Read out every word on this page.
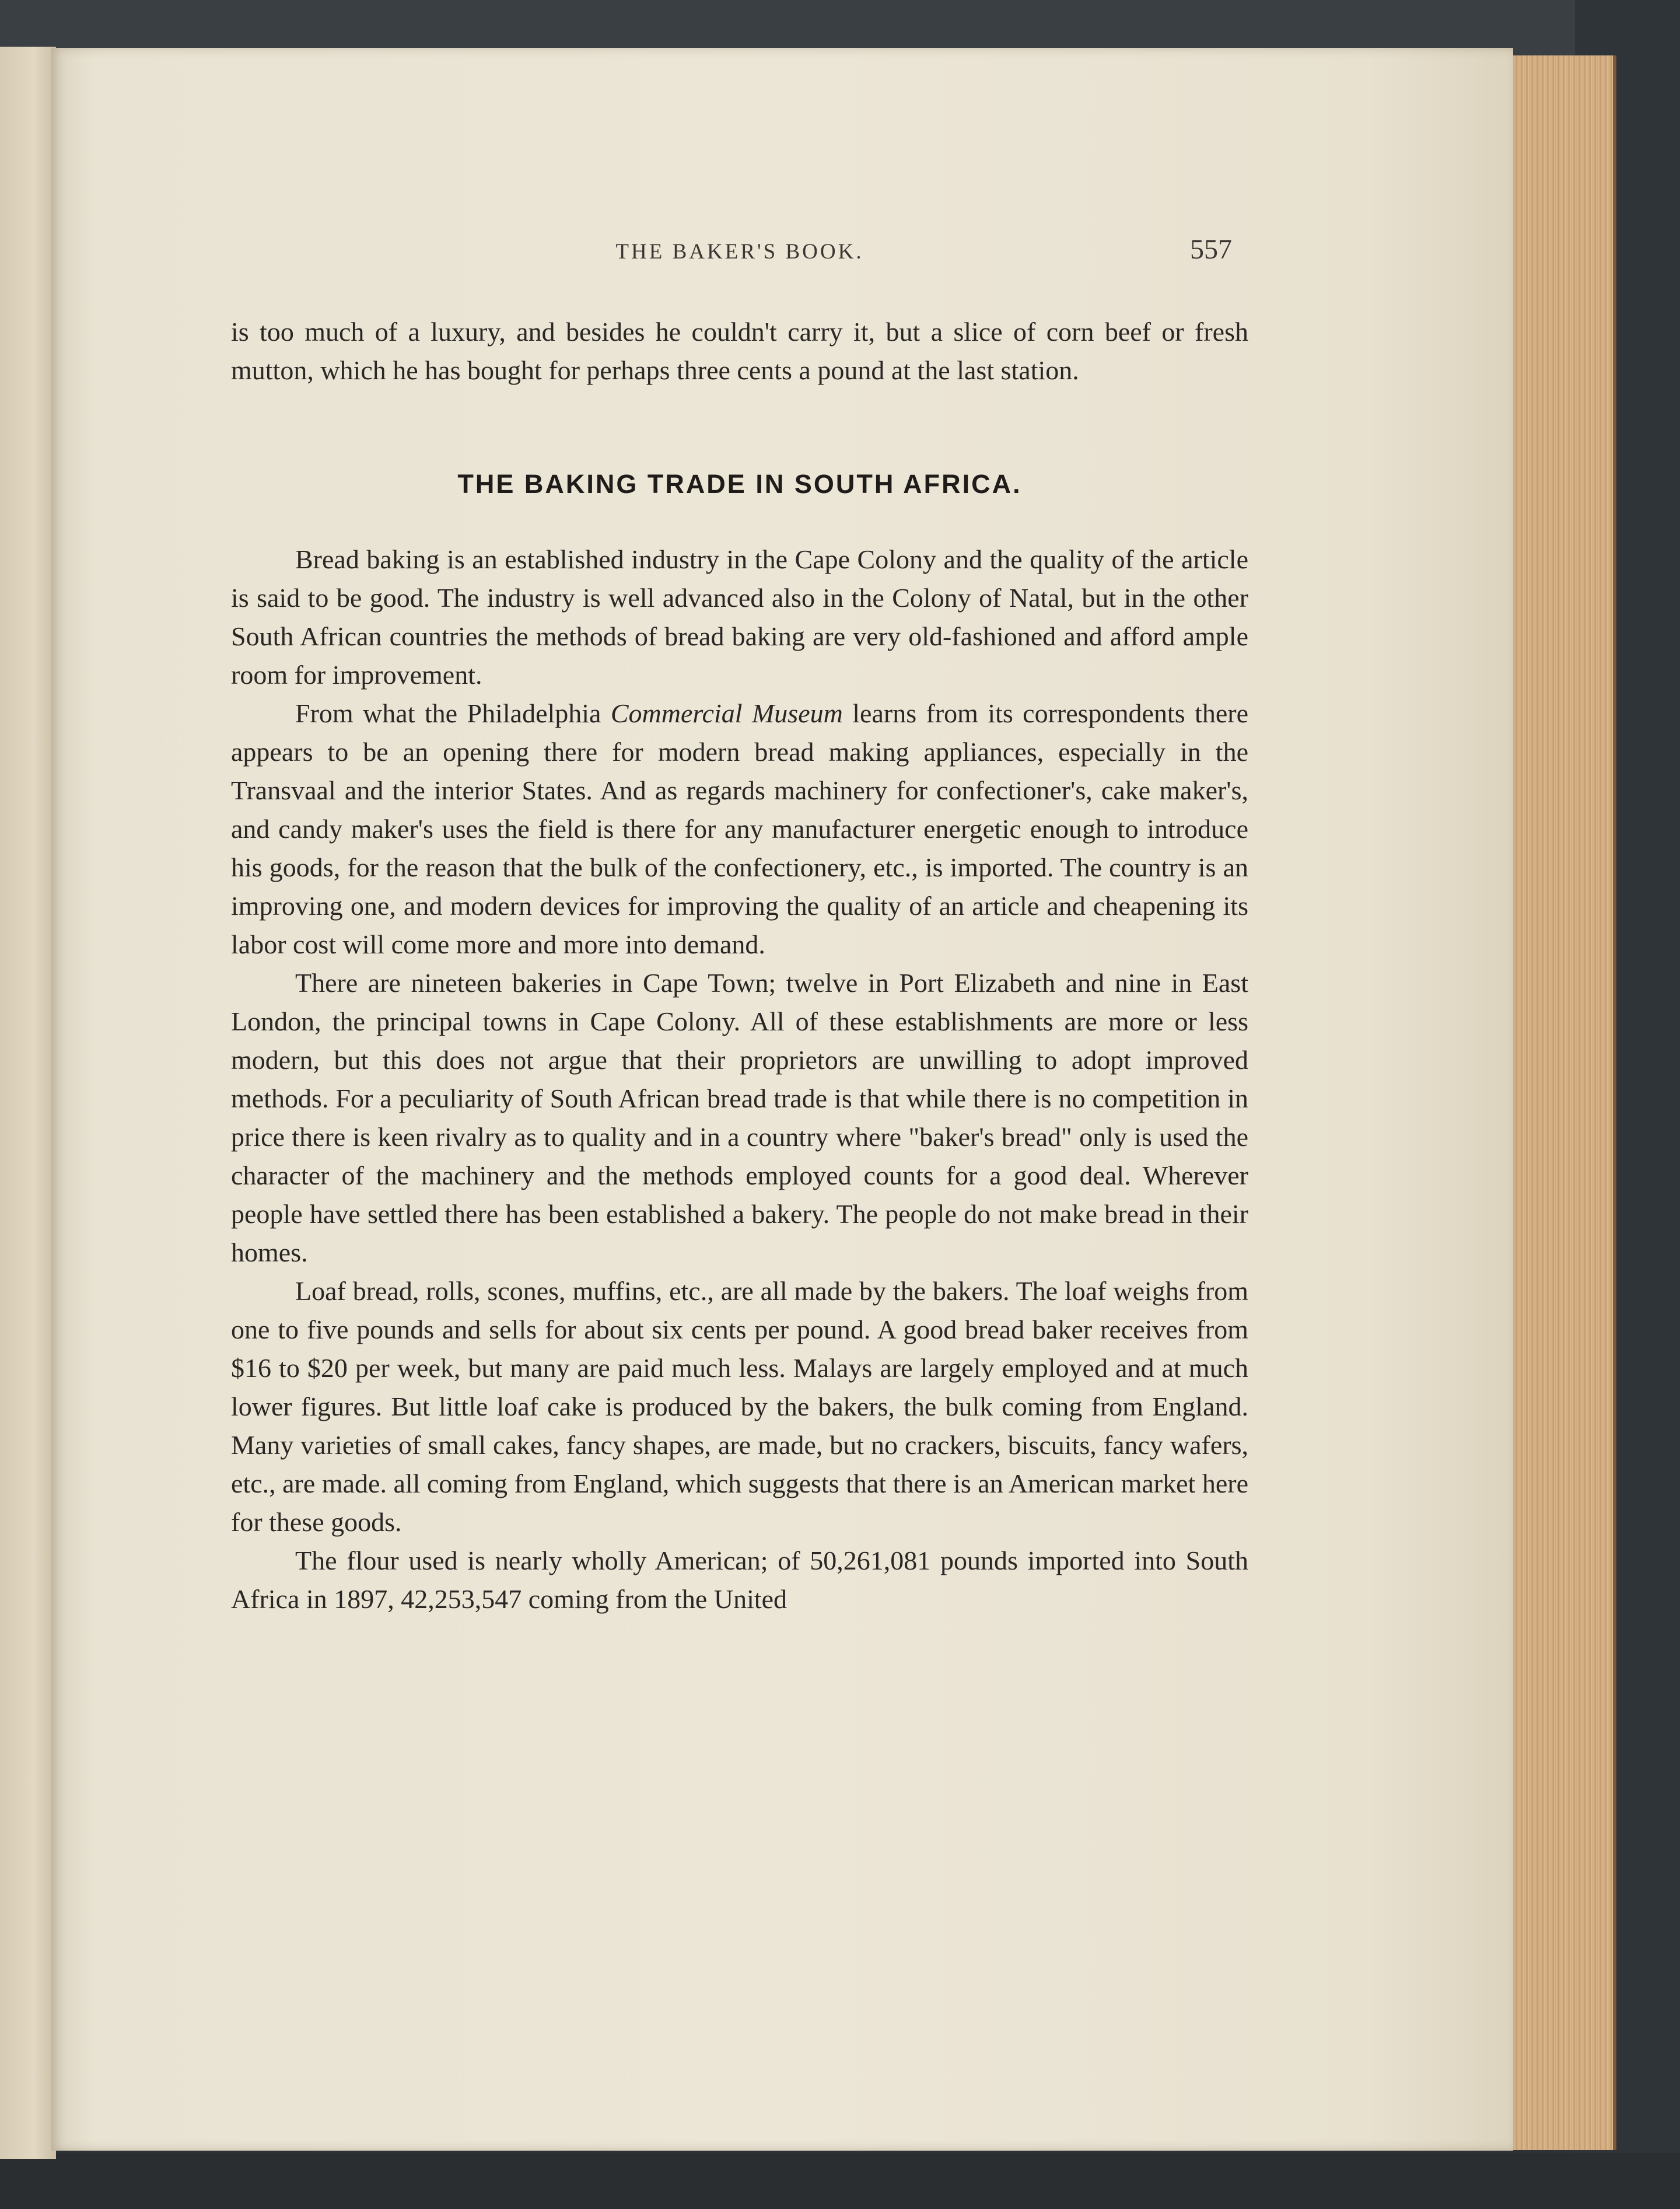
THE BAKER'S BOOK.	557

is too much of a luxury, and besides he couldn't carry it, but a slice of corn beef or fresh mutton, which he has bought for perhaps three cents a pound at the last station.

THE BAKING TRADE IN SOUTH AFRICA.

Bread baking is an established industry in the Cape Colony and the quality of the article is said to be good. The industry is well advanced also in the Colony of Natal, but in the other South African countries the methods of bread baking are very old-fashioned and afford ample room for improvement.

From what the Philadelphia Commercial Museum learns from its correspondents there appears to be an opening there for modern bread making appliances, especially in the Transvaal and the interior States. And as regards machinery for confectioner's, cake maker's, and candy maker's uses the field is there for any manufacturer energetic enough to introduce his goods, for the reason that the bulk of the confectionery, etc., is imported. The country is an improving one, and modern devices for improving the quality of an article and cheapening its labor cost will come more and more into demand.

There are nineteen bakeries in Cape Town; twelve in Port Elizabeth and nine in East London, the principal towns in Cape Colony. All of these establishments are more or less modern, but this does not argue that their proprietors are unwilling to adopt improved methods. For a peculiarity of South African bread trade is that while there is no competition in price there is keen rivalry as to quality and in a country where "baker's bread" only is used the character of the machinery and the methods employed counts for a good deal. Wherever people have settled there has been established a bakery. The people do not make bread in their homes.

Loaf bread, rolls, scones, muffins, etc., are all made by the bakers. The loaf weighs from one to five pounds and sells for about six cents per pound. A good bread baker receives from $16 to $20 per week, but many are paid much less. Malays are largely employed and at much lower figures. But little loaf cake is produced by the bakers, the bulk coming from England. Many varieties of small cakes, fancy shapes, are made, but no crackers, biscuits, fancy wafers, etc., are made. all coming from England, which suggests that there is an American market here for these goods.

The flour used is nearly wholly American; of 50,261,081 pounds imported into South Africa in 1897, 42,253,547 coming from the United
